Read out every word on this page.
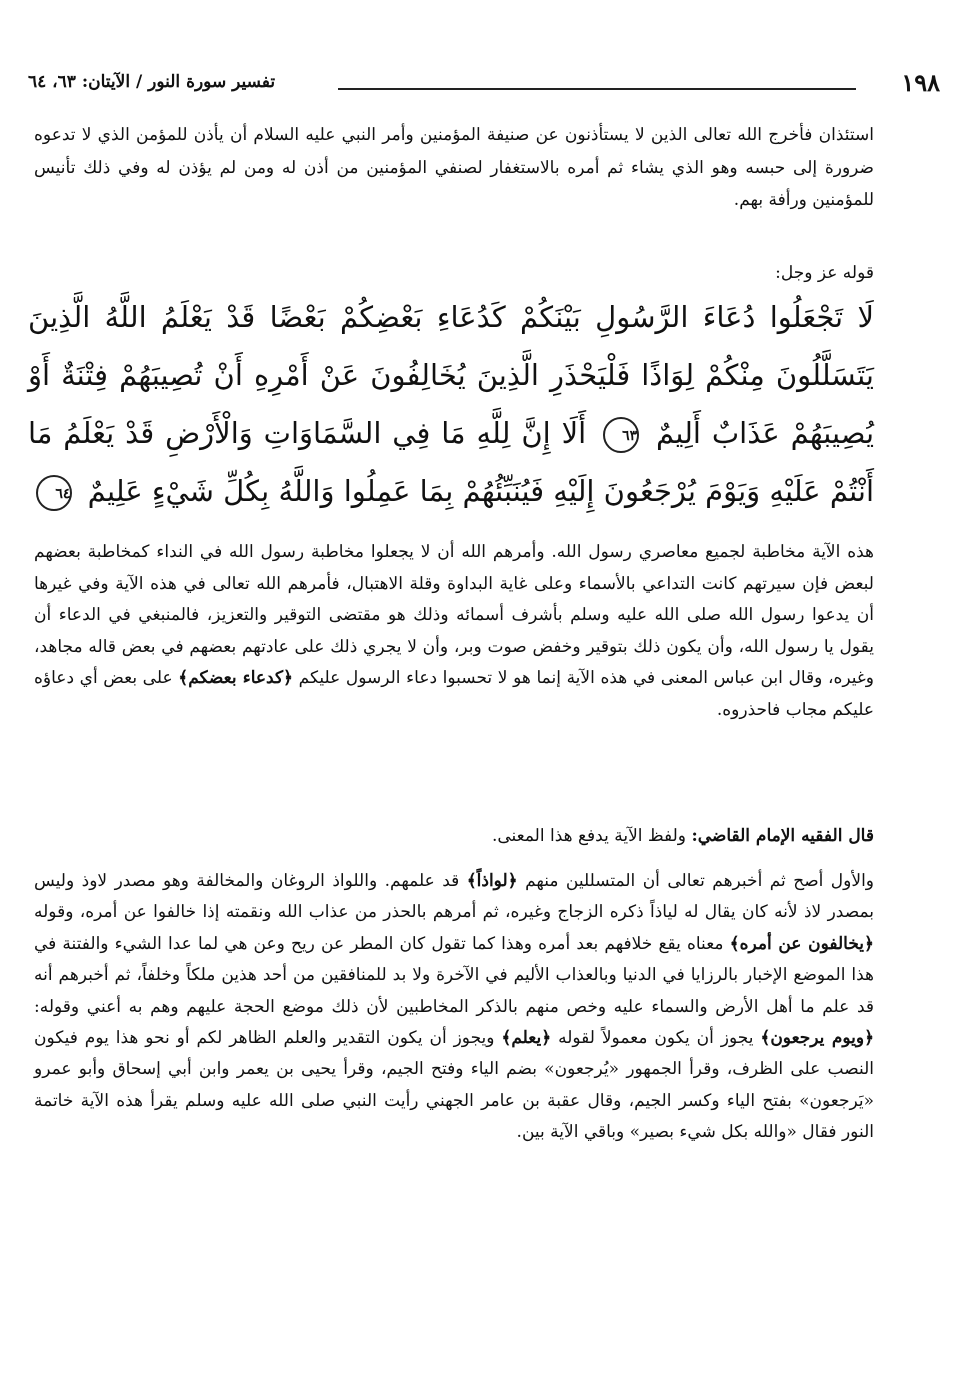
تفسير سورة النور / الآيتان: ٦٣، ٦٤	١٩٨

استئذان فأخرج الله تعالى الذين لا يستأذنون عن صنيفة المؤمنين وأمر النبي عليه السلام أن يأذن للمؤمن الذي لا تدعوه ضرورة إلى حبسه وهو الذي يشاء ثم أمره بالاستغفار لصنفي المؤمنين من أذن له ومن لم يؤذن له وفي ذلك تأنيس للمؤمنين ورأفة بهم.

قوله عز وجل:

لَا تَجْعَلُوا دُعَاءَ الرَّسُولِ بَيْنَكُمْ كَدُعَاءِ بَعْضِكُمْ بَعْضًا قَدْ يَعْلَمُ اللَّهُ الَّذِينَ يَتَسَلَّلُونَ مِنْكُمْ لِوَاذًا فَلْيَحْذَرِ الَّذِينَ يُخَالِفُونَ عَنْ أَمْرِهِ أَنْ تُصِيبَهُمْ فِتْنَةٌ أَوْ يُصِيبَهُمْ عَذَابٌ أَلِيمٌ ٦٣ أَلَا إِنَّ لِلَّهِ مَا فِي السَّمَاوَاتِ وَالْأَرْضِ قَدْ يَعْلَمُ مَا أَنْتُمْ عَلَيْهِ وَيَوْمَ يُرْجَعُونَ إِلَيْهِ فَيُنَبِّئُهُمْ بِمَا عَمِلُوا وَاللَّهُ بِكُلِّ شَيْءٍ عَلِيمٌ ٦٤

هذه الآية مخاطبة لجميع معاصري رسول الله. وأمرهم الله أن لا يجعلوا مخاطبة رسول الله في النداء كمخاطبة بعضهم لبعض فإن سيرتهم كانت التداعي بالأسماء وعلى غاية البداوة وقلة الاهتبال، فأمرهم الله تعالى في هذه الآية وفي غيرها أن يدعوا رسول الله صلى الله عليه وسلم بأشرف أسمائه وذلك هو مقتضى التوقير والتعزيز، فالمنبغي في الدعاء أن يقول يا رسول الله، وأن يكون ذلك بتوقير وخفض صوت وبر، وأن لا يجري ذلك على عادتهم بعضهم في بعض قاله مجاهد، وغيره، وقال ابن عباس المعنى في هذه الآية إنما هو لا تحسبوا دعاء الرسول عليكم ﴿كدعاء بعضكم﴾ على بعض أي دعاؤه عليكم مجاب فاحذروه.

قال الفقيه الإمام القاضي: ولفظ الآية يدفع هذا المعنى.

والأول أصح ثم أخبرهم تعالى أن المتسللين منهم ﴿لواذاً﴾ قد علمهم. واللواذ الروغان والمخالفة وهو مصدر لاوذ وليس بمصدر لاذ لأنه كان يقال له لياذاً ذكره الزجاج وغيره، ثم أمرهم بالحذر من عذاب الله ونقمته إذا خالفوا عن أمره، وقوله ﴿يخالفون عن أمره﴾ معناه يقع خلافهم بعد أمره وهذا كما تقول كان المطر عن ريح وعن هي لما عدا الشيء والفتنة في هذا الموضع الإخبار بالرزايا في الدنيا وبالعذاب الأليم في الآخرة ولا بد للمنافقين من أحد هذين ملكاً وخلفاً، ثم أخبرهم أنه قد علم ما أهل الأرض والسماء عليه وخص منهم بالذكر المخاطبين لأن ذلك موضع الحجة عليهم وهم به أعني وقوله: ﴿ويوم يرجعون﴾ يجوز أن يكون معمولاً لقوله ﴿يعلم﴾ ويجوز أن يكون التقدير والعلم الظاهر لكم أو نحو هذا يوم فيكون النصب على الظرف، وقرأ الجمهور «يُرجعون» بضم الياء وفتح الجيم، وقرأ يحيى بن يعمر وابن أبي إسحاق وأبو عمرو «يَرجعون» بفتح الياء وكسر الجيم، وقال عقبة بن عامر الجهني رأيت النبي صلى الله عليه وسلم يقرأ هذه الآية خاتمة النور فقال «والله بكل شيء بصير» وباقي الآية بين.
